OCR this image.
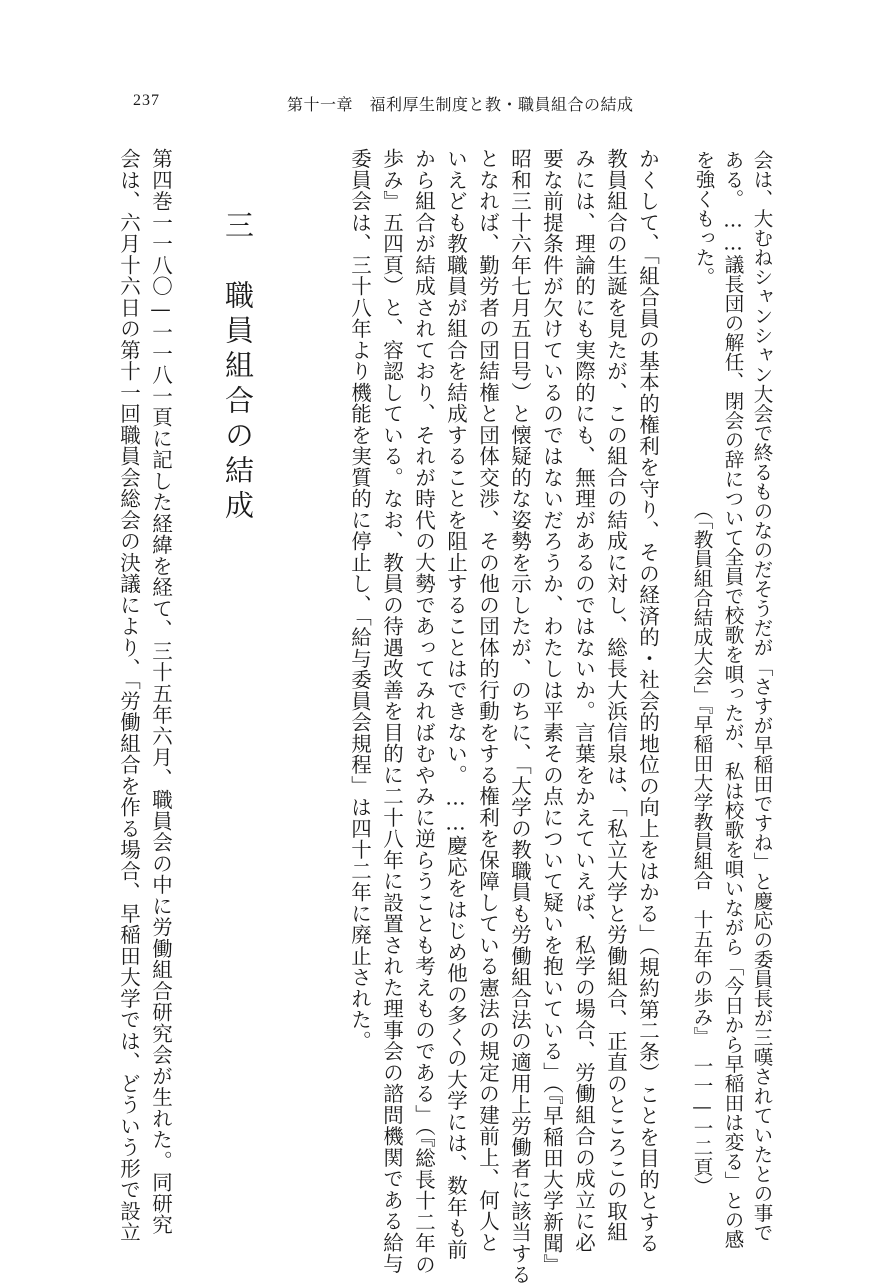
237	第十一章　福利厚生制度と教・職員組合の結成
会は、大むねシャンシャン大会で終るものなのだそうだが「さすが早稲田ですね」と慶応の委員長が三嘆されていたとの事で
ある。……議長団の解任、閉会の辞について全員で校歌を唄ったが、私は校歌を唄いながら「今日から早稲田は変る」との感
を強くもった。
（「教員組合結成大会」『早稲田大学教員組合　十五年の歩み』　一一—一二頁）
かくして、「組合員の基本的権利を守り、その経済的・社会的地位の向上をはかる」（規約第二条）ことを目的とする
教員組合の生誕を見たが、この組合の結成に対し、総長大浜信泉は、「私立大学と労働組合、正直のところこの取組
みには、理論的にも実際的にも、無理があるのではないか。言葉をかえていえば、私学の場合、労働組合の成立に必
要な前提条件が欠けているのではないだろうか、わたしは平素その点について疑いを抱いている」（『早稲田大学新聞』
昭和三十六年七月五日号）と懐疑的な姿勢を示したが、のちに、「大学の教職員も労働組合法の適用上労働者に該当する
となれば、勤労者の団結権と団体交渉、その他の団体的行動をする権利を保障している憲法の規定の建前上、何人と
いえども教職員が組合を結成することを阻止することはできない。……慶応をはじめ他の多くの大学には、数年も前
から組合が結成されており、それが時代の大勢であってみればむやみに逆らうことも考えものである」（『総長十二年の
歩み』五四頁）と、容認している。なお、教員の待遇改善を目的に二十八年に設置された理事会の諮問機関である給与
委員会は、三十八年より機能を実質的に停止し、「給与委員会規程」は四十二年に廃止された。
三　職員組合の結成
第四巻一一八〇—一一八一頁に記した経緯を経て、三十五年六月、職員会の中に労働組合研究会が生れた。同研究
会は、六月十六日の第十一回職員会総会の決議により、「労働組合を作る場合、早稲田大学では、どういう形で設立
